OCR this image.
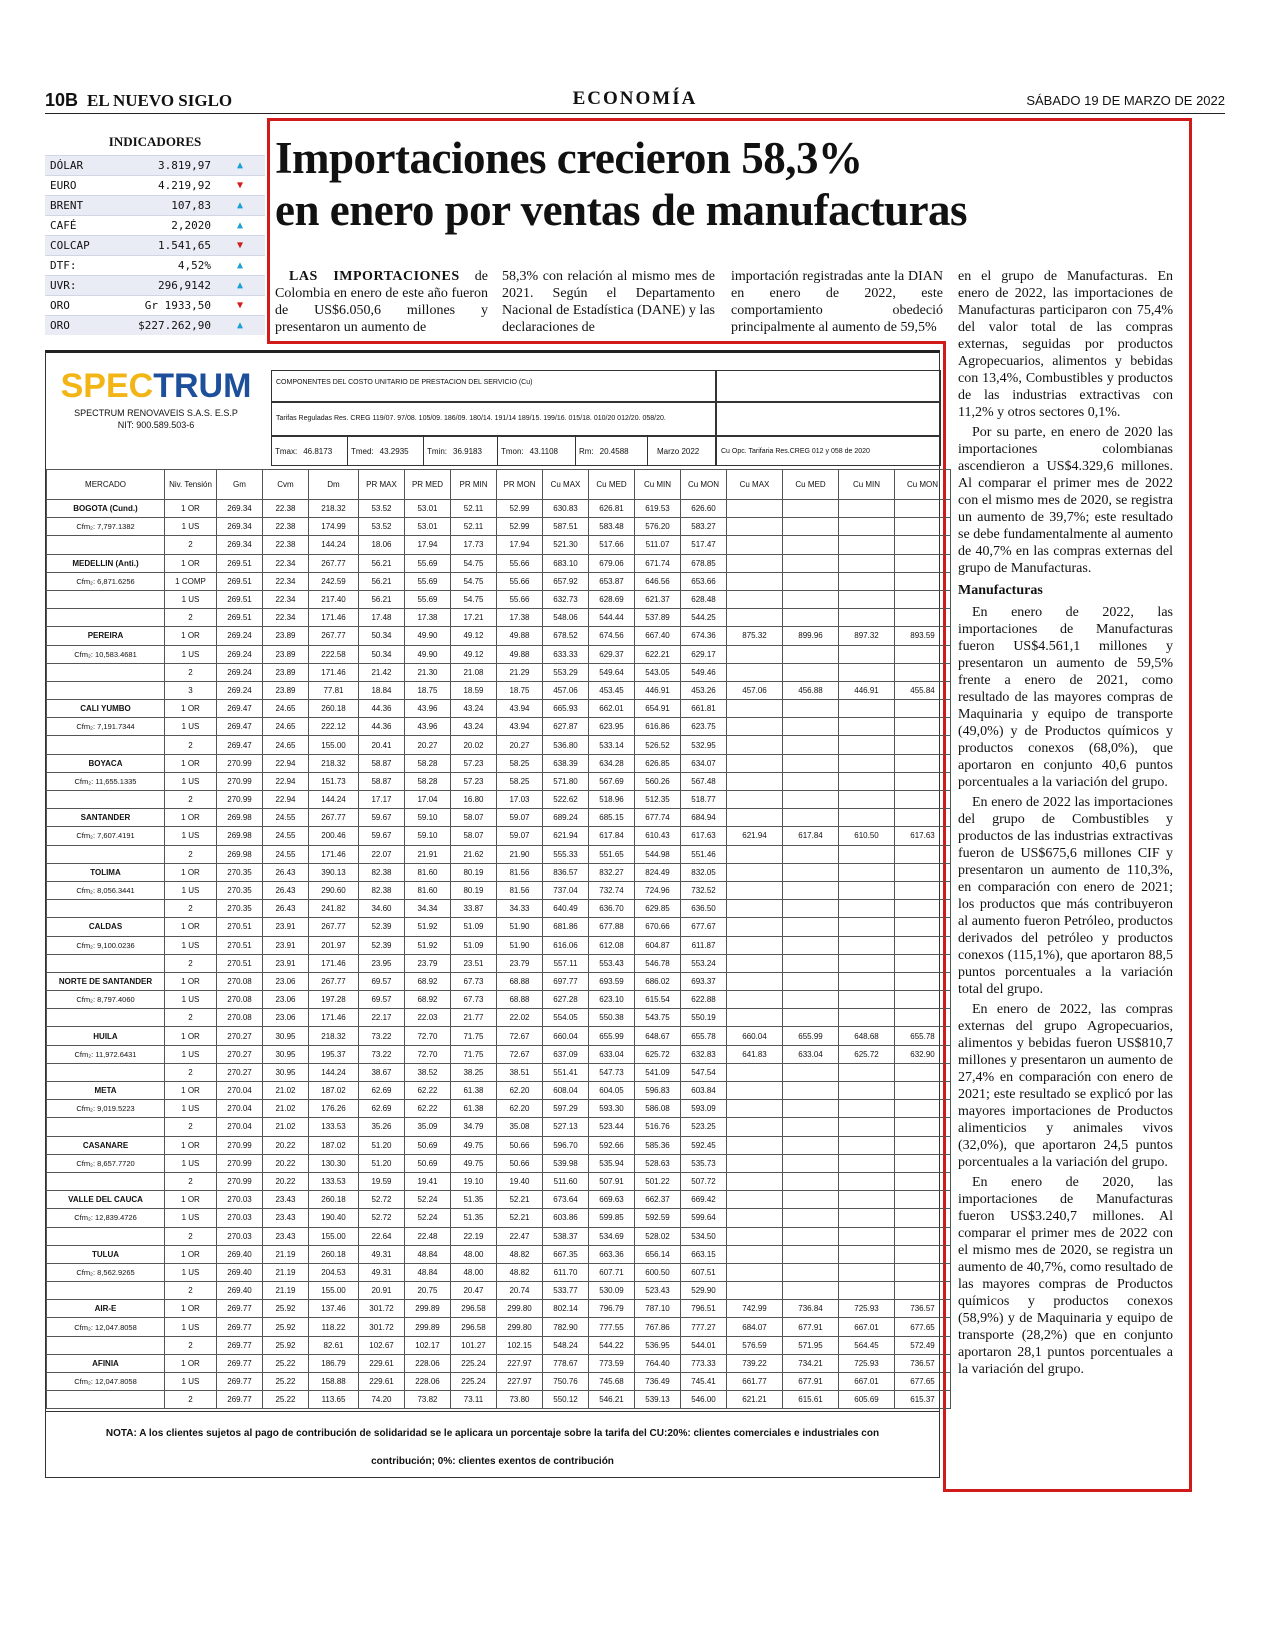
10B EL NUEVO SIGLO	ECONOMÍA	SÁBADO 19 DE MARZO DE 2022
INDICADORES
DÓLAR	3.819,97	▲
EURO	4.219,92	▼
BRENT	107,83	▲
CAFÉ	2,2020	▲
COLCAP	1.541,65	▼
DTF:	4,52%	▲
UVR:	296,9142	▲
ORO	Gr 1933,50	▼
ORO	$227.262,90	▲
Importaciones crecieron 58,3%
en enero por ventas de manufacturas

LAS IMPORTACIONES de Colombia en enero de este año fueron de US$6.050,6 millones y presentaron un aumento de

58,3% con relación al mismo mes de 2021. Según el Departamento Nacional de Estadística (DANE) y las declaraciones de

importación registradas ante la DIAN en enero de 2022, este comportamiento obedeció principalmente al aumento de 59,5%

en el grupo de Manufacturas. En enero de 2022, las importaciones de Manufacturas participaron con 75,4% del valor total de las compras externas, seguidas por productos Agropecuarios, alimentos y bebidas con 13,4%, Combustibles y productos de las industrias extractivas con 11,2% y otros sectores 0,1%.

Por su parte, en enero de 2020 las importaciones colombianas ascendieron a US$4.329,6 millones. Al comparar el primer mes de 2022 con el mismo mes de 2020, se registra un aumento de 39,7%; este resultado se debe fundamentalmente al aumento de 40,7% en las compras externas del grupo de Manufacturas.

Manufacturas

En enero de 2022, las importaciones de Manufacturas fueron US$4.561,1 millones y presentaron un aumento de 59,5% frente a enero de 2021, como resultado de las mayores compras de Maquinaria y equipo de transporte (49,0%) y de Productos químicos y productos conexos (68,0%), que aportaron en conjunto 40,6 puntos porcentuales a la variación del grupo.

En enero de 2022 las importaciones del grupo de Combustibles y productos de las industrias extractivas fueron de US$675,6 millones CIF y presentaron un aumento de 110,3%, en comparación con enero de 2021; los productos que más contribuyeron al aumento fueron Petróleo, productos derivados del petróleo y productos conexos (115,1%), que aportaron 88,5 puntos porcentuales a la variación total del grupo.

En enero de 2022, las compras externas del grupo Agropecuarios, alimentos y bebidas fueron US$810,7 millones y presentaron un aumento de 27,4% en comparación con enero de 2021; este resultado se explicó por las mayores importaciones de Productos alimenticios y animales vivos (32,0%), que aportaron 24,5 puntos porcentuales a la variación del grupo.

En enero de 2020, las importaciones de Manufacturas fueron US$3.240,7 millones. Al comparar el primer mes de 2022 con el mismo mes de 2020, se registra un aumento de 40,7%, como resultado de las mayores compras de Productos químicos y productos conexos (58,9%) y de Maquinaria y equipo de transporte (28,2%) que en conjunto aportaron 28,1 puntos porcentuales a la variación del grupo.

SPECTRUM
SPECTRUM RENOVAVEIS S.A.S. E.S.P
NIT: 900.589.503-6
COMPONENTES DEL COSTO UNITARIO DE PRESTACION DEL SERVICIO (Cu)
Tarifas Reguladas Res. CREG 119/07. 97/08. 105/09. 186/09. 180/14. 191/14 189/15. 199/16. 015/18. 010/20 012/20. 058/20.
Tmax: 46.8173	Tmed: 43.2935	Tmin: 36.9183	Tmon: 43.1108	Rm: 20.4588	Marzo 2022	Cu Opc. Tarifaria Res.CREG 012 y 058 de 2020
MERCADO	Niv. Tensión	Gm	Cvm	Dm	PR MAX	PR MED	PR MIN	PR MON	Cu MAX	Cu MED	Cu MIN	Cu MON	Cu MAX	Cu MED	Cu MIN	Cu MON
BOGOTA (Cund.)	1 OR	269.34	22.38	218.32	53.52	53.01	52.11	52.99	630.83	626.81	619.53	626.60				
Cfm₂: 7,797.1382	1 US	269.34	22.38	174.99	53.52	53.01	52.11	52.99	587.51	583.48	576.20	583.27				
	2	269.34	22.38	144.24	18.06	17.94	17.73	17.94	521.30	517.66	511.07	517.47				
MEDELLIN (Anti.)	1 OR	269.51	22.34	267.77	56.21	55.69	54.75	55.66	683.10	679.06	671.74	678.85				
Cfm₂: 6,871.6256	1 COMP	269.51	22.34	242.59	56.21	55.69	54.75	55.66	657.92	653.87	646.56	653.66				
	1 US	269.51	22.34	217.40	56.21	55.69	54.75	55.66	632.73	628.69	621.37	628.48				
	2	269.51	22.34	171.46	17.48	17.38	17.21	17.38	548.06	544.44	537.89	544.25				
PEREIRA	1 OR	269.24	23.89	267.77	50.34	49.90	49.12	49.88	678.52	674.56	667.40	674.36	875.32	899.96	897.32	893.59
Cfm₂: 10,583.4681	1 US	269.24	23.89	222.58	50.34	49.90	49.12	49.88	633.33	629.37	622.21	629.17				
	2	269.24	23.89	171.46	21.42	21.30	21.08	21.29	553.29	549.64	543.05	549.46				
	3	269.24	23.89	77.81	18.84	18.75	18.59	18.75	457.06	453.45	446.91	453.26	457.06	456.88	446.91	455.84
CALI YUMBO	1 OR	269.47	24.65	260.18	44.36	43.96	43.24	43.94	665.93	662.01	654.91	661.81				
Cfm₂: 7,191.7344	1 US	269.47	24.65	222.12	44.36	43.96	43.24	43.94	627.87	623.95	616.86	623.75				
	2	269.47	24.65	155.00	20.41	20.27	20.02	20.27	536.80	533.14	526.52	532.95				
BOYACA	1 OR	270.99	22.94	218.32	58.87	58.28	57.23	58.25	638.39	634.28	626.85	634.07				
Cfm₂: 11,655.1335	1 US	270.99	22.94	151.73	58.87	58.28	57.23	58.25	571.80	567.69	560.26	567.48				
	2	270.99	22.94	144.24	17.17	17.04	16.80	17.03	522.62	518.96	512.35	518.77				
SANTANDER	1 OR	269.98	24.55	267.77	59.67	59.10	58.07	59.07	689.24	685.15	677.74	684.94				
Cfm₂: 7,607.4191	1 US	269.98	24.55	200.46	59.67	59.10	58.07	59.07	621.94	617.84	610.43	617.63	621.94	617.84	610.50	617.63
	2	269.98	24.55	171.46	22.07	21.91	21.62	21.90	555.33	551.65	544.98	551.46				
TOLIMA	1 OR	270.35	26.43	390.13	82.38	81.60	80.19	81.56	836.57	832.27	824.49	832.05				
Cfm₂: 8,056.3441	1 US	270.35	26.43	290.60	82.38	81.60	80.19	81.56	737.04	732.74	724.96	732.52				
	2	270.35	26.43	241.82	34.60	34.34	33.87	34.33	640.49	636.70	629.85	636.50				
CALDAS	1 OR	270.51	23.91	267.77	52.39	51.92	51.09	51.90	681.86	677.88	670.66	677.67				
Cfm₂: 9,100.0236	1 US	270.51	23.91	201.97	52.39	51.92	51.09	51.90	616.06	612.08	604.87	611.87				
	2	270.51	23.91	171.46	23.95	23.79	23.51	23.79	557.11	553.43	546.78	553.24				
NORTE DE SANTANDER	1 OR	270.08	23.06	267.77	69.57	68.92	67.73	68.88	697.77	693.59	686.02	693.37				
Cfm₂: 8,797.4060	1 US	270.08	23.06	197.28	69.57	68.92	67.73	68.88	627.28	623.10	615.54	622.88				
	2	270.08	23.06	171.46	22.17	22.03	21.77	22.02	554.05	550.38	543.75	550.19				
HUILA	1 OR	270.27	30.95	218.32	73.22	72.70	71.75	72.67	660.04	655.99	648.67	655.78	660.04	655.99	648.68	655.78
Cfm₂: 11,972.6431	1 US	270.27	30.95	195.37	73.22	72.70	71.75	72.67	637.09	633.04	625.72	632.83	641.83	633.04	625.72	632.90
	2	270.27	30.95	144.24	38.67	38.52	38.25	38.51	551.41	547.73	541.09	547.54				
META	1 OR	270.04	21.02	187.02	62.69	62.22	61.38	62.20	608.04	604.05	596.83	603.84				
Cfm₂: 9,019.5223	1 US	270.04	21.02	176.26	62.69	62.22	61.38	62.20	597.29	593.30	586.08	593.09				
	2	270.04	21.02	133.53	35.26	35.09	34.79	35.08	527.13	523.44	516.76	523.25				
CASANARE	1 OR	270.99	20.22	187.02	51.20	50.69	49.75	50.66	596.70	592.66	585.36	592.45				
Cfm₂: 8,657.7720	1 US	270.99	20.22	130.30	51.20	50.69	49.75	50.66	539.98	535.94	528.63	535.73				
	2	270.99	20.22	133.53	19.59	19.41	19.10	19.40	511.60	507.91	501.22	507.72				
VALLE DEL CAUCA	1 OR	270.03	23.43	260.18	52.72	52.24	51.35	52.21	673.64	669.63	662.37	669.42				
Cfm₂: 12,839.4726	1 US	270.03	23.43	190.40	52.72	52.24	51.35	52.21	603.86	599.85	592.59	599.64				
	2	270.03	23.43	155.00	22.64	22.48	22.19	22.47	538.37	534.69	528.02	534.50				
TULUA	1 OR	269.40	21.19	260.18	49.31	48.84	48.00	48.82	667.35	663.36	656.14	663.15				
Cfm₂: 8,562.9265	1 US	269.40	21.19	204.53	49.31	48.84	48.00	48.82	611.70	607.71	600.50	607.51				
	2	269.40	21.19	155.00	20.91	20.75	20.47	20.74	533.77	530.09	523.43	529.90				
AIR-E	1 OR	269.77	25.92	137.46	301.72	299.89	296.58	299.80	802.14	796.79	787.10	796.51	742.99	736.84	725.93	736.57
Cfm₂: 12,047.8058	1 US	269.77	25.92	118.22	301.72	299.89	296.58	299.80	782.90	777.55	767.86	777.27	684.07	677.91	667.01	677.65
	2	269.77	25.92	82.61	102.67	102.17	101.27	102.15	548.24	544.22	536.95	544.01	576.59	571.95	564.45	572.49
AFINIA	1 OR	269.77	25.22	186.79	229.61	228.06	225.24	227.97	778.67	773.59	764.40	773.33	739.22	734.21	725.93	736.57
Cfm₂: 12,047.8058	1 US	269.77	25.22	158.88	229.61	228.06	225.24	227.97	750.76	745.68	736.49	745.41	661.77	677.91	667.01	677.65
	2	269.77	25.22	113.65	74.20	73.82	73.11	73.80	550.12	546.21	539.13	546.00	621.21	615.61	605.69	615.37
NOTA: A los clientes sujetos al pago de contribución de solidaridad se le aplicara un porcentaje sobre la tarifa del CU:20%: clientes comerciales e industriales con
contribución; 0%: clientes exentos de contribución
